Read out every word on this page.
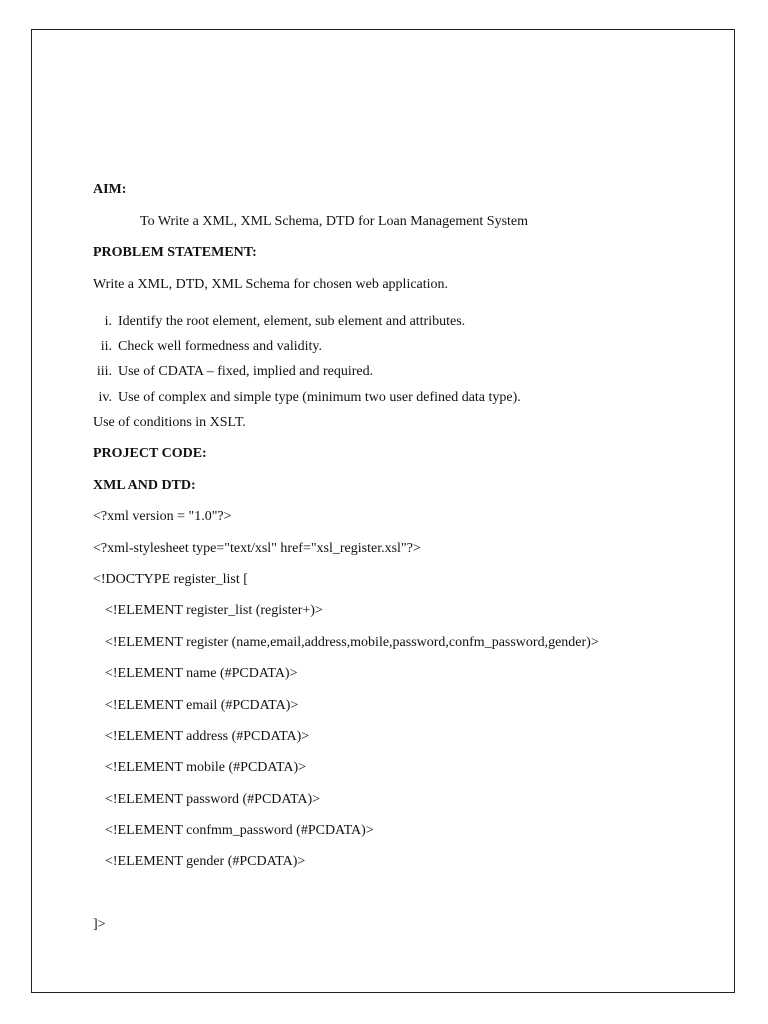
AIM:
To Write a XML, XML Schema, DTD for Loan Management System
PROBLEM STATEMENT:
Write a XML, DTD, XML Schema for chosen web application.
i. Identify the root element, element, sub element and attributes.
ii. Check well formedness and validity.
iii. Use of CDATA – fixed, implied and required.
iv. Use of complex and simple type (minimum two user defined data type).
Use of conditions in XSLT.
PROJECT CODE:
XML AND DTD:
<?xml version = "1.0"?>
<?xml-stylesheet type="text/xsl" href="xsl_register.xsl"?>
<!DOCTYPE register_list [
<!ELEMENT register_list (register+)>
<!ELEMENT register (name,email,address,mobile,password,confm_password,gender)>
<!ELEMENT name (#PCDATA)>
<!ELEMENT email (#PCDATA)>
<!ELEMENT address (#PCDATA)>
<!ELEMENT mobile (#PCDATA)>
<!ELEMENT password (#PCDATA)>
<!ELEMENT confmm_password (#PCDATA)>
<!ELEMENT gender (#PCDATA)>
]>
